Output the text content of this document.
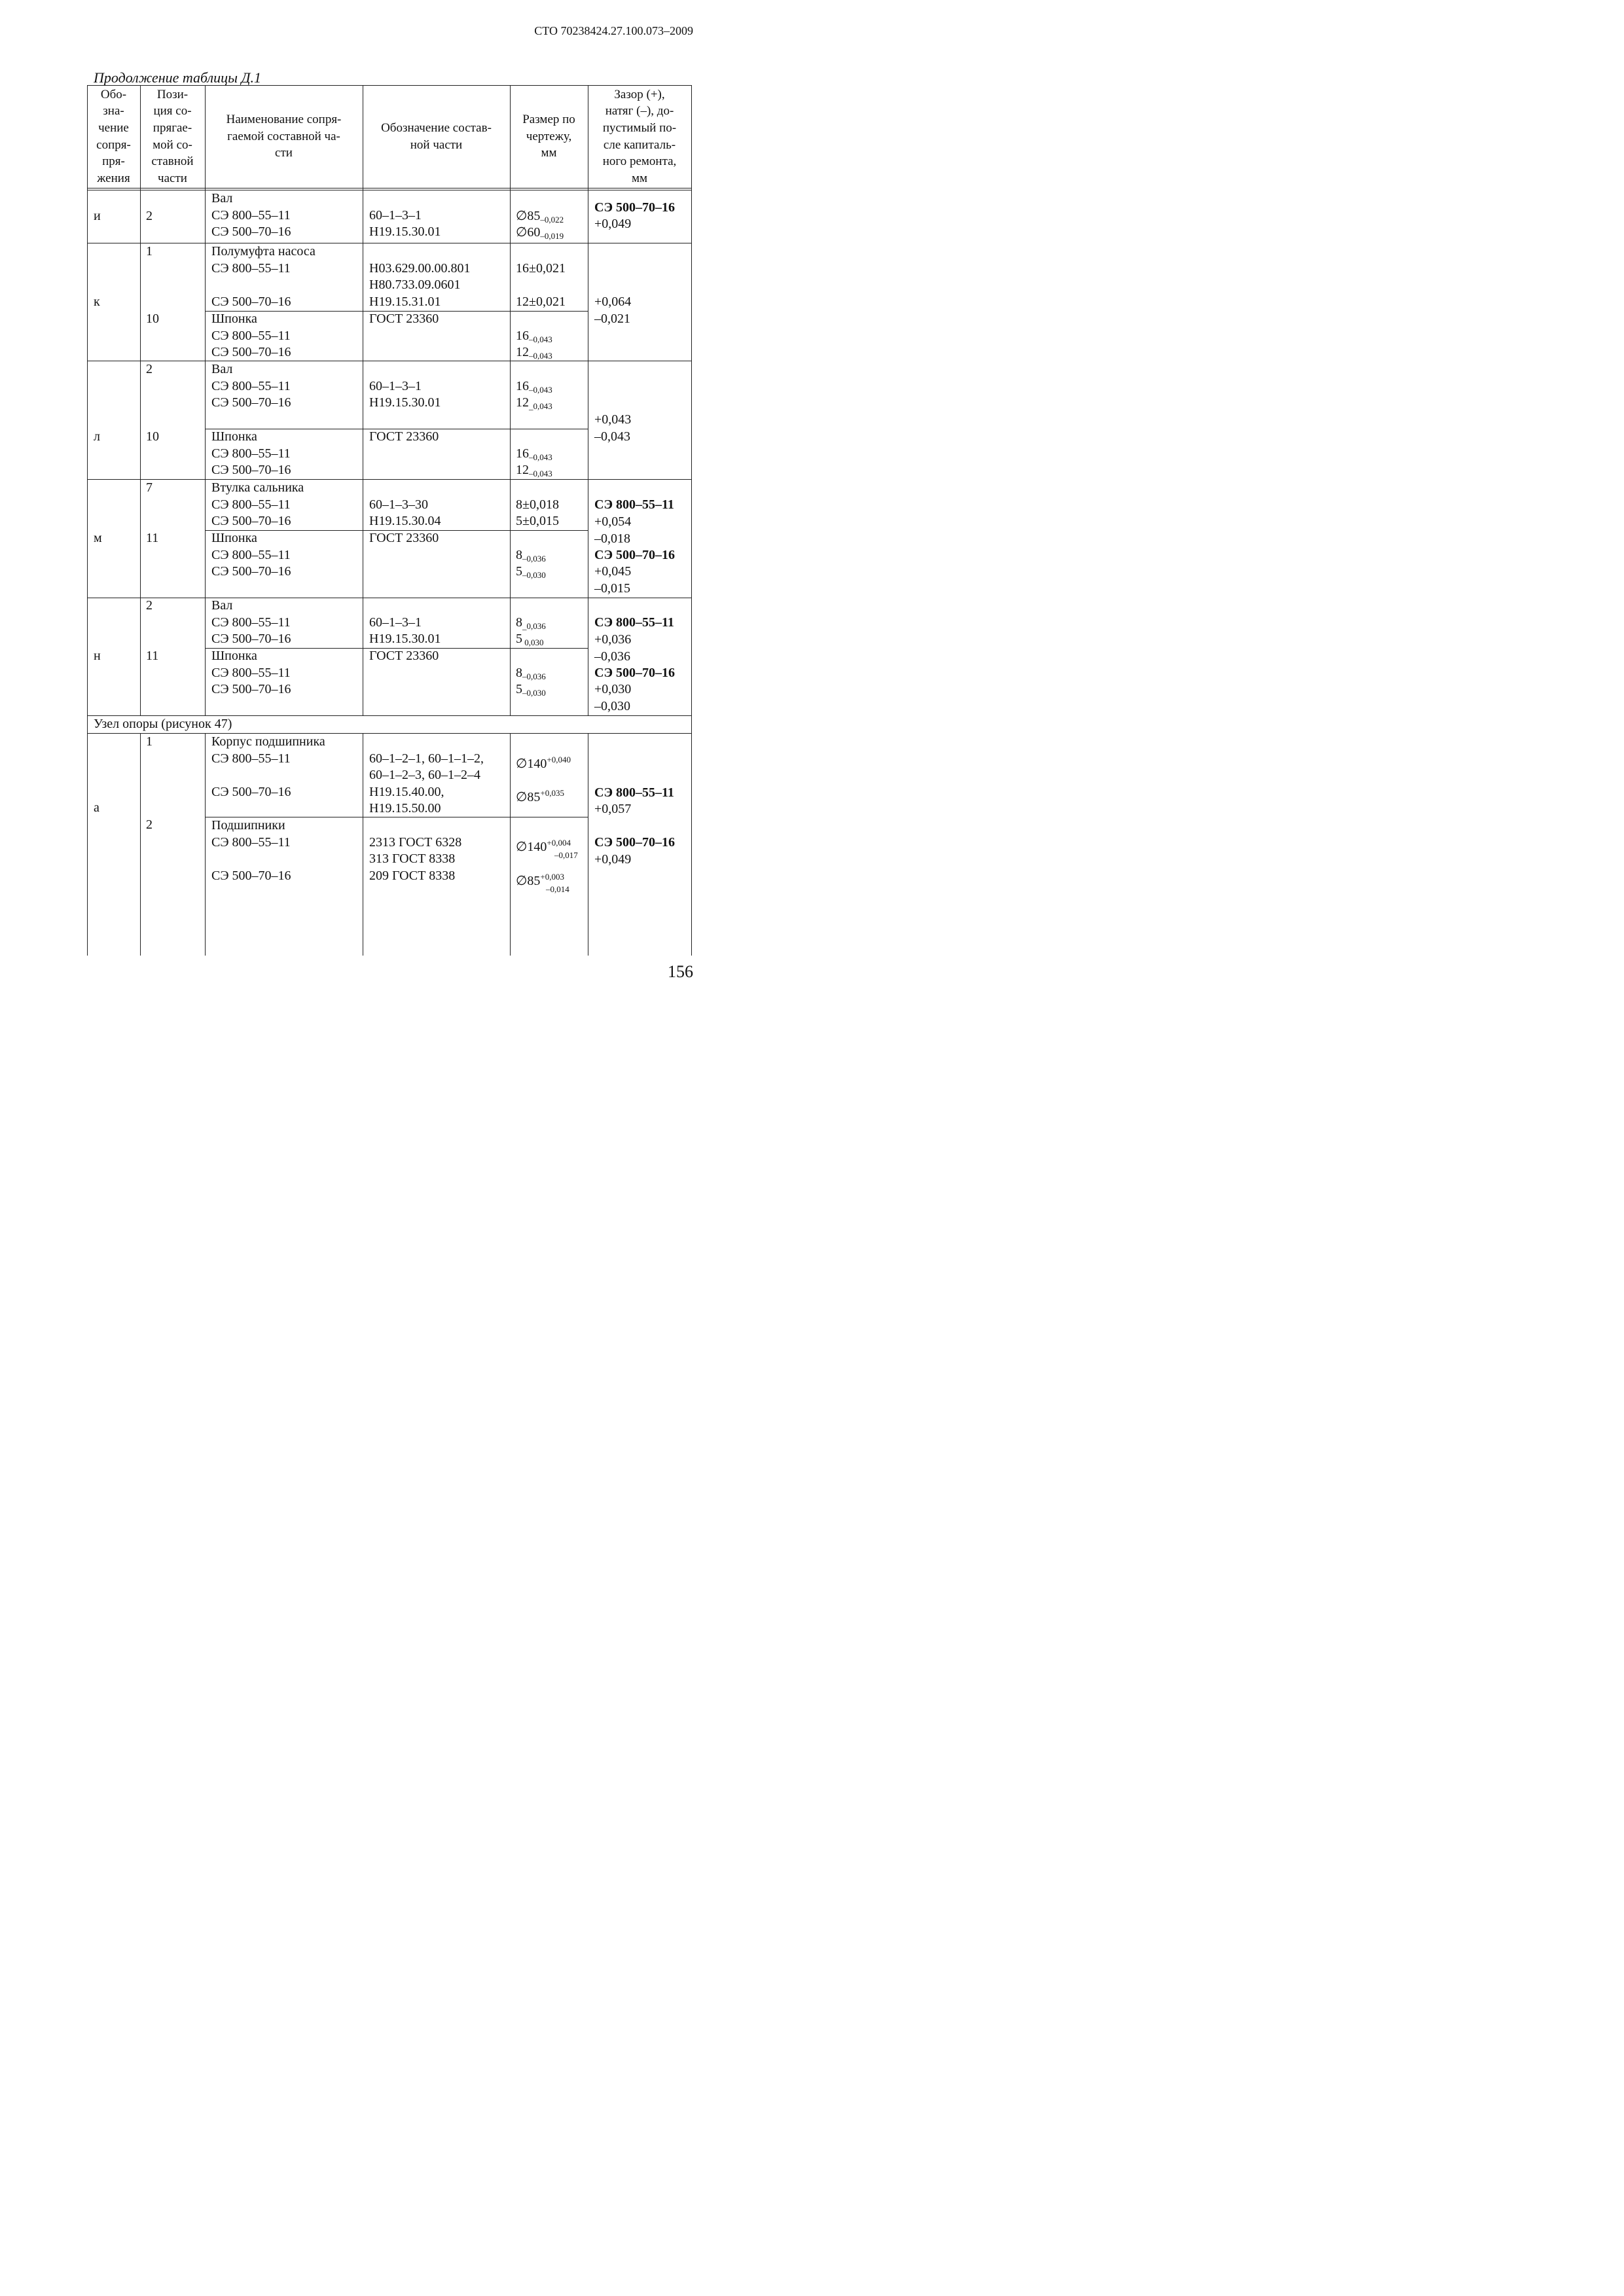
СТО 70238424.27.100.073–2009
Продолжение таблицы Д.1
Обо-
зна-
чение
сопря-
пря-
жения
Пози-
ция со-
прягае-
мой со-
ставной
части
Наименование сопря-
гаемой составной ча-
сти
Обозначение состав-
ной части
Размер по
чертежу,
мм
Зазор (+),
натяг (–), до-
пустимый по-
сле капиталь-
ного ремонта,
мм
и	2
Вал
СЭ 800–55–11
СЭ 500–70–16

60–1–3–1
Н19.15.30.01
$\emptyset 85_{-0,022}$
$\emptyset 60_{-0,019}$
СЭ 500–70–16
+0,049
к
1
10
Полумуфта насоса
СЭ 800–55–11

СЭ 500–70–16

Н03.629.00.00.801
Н80.733.09.0601
Н19.15.31.01

16±0,021

12±0,021
Шпонка
СЭ 800–55–11
СЭ 500–70–16
ГОСТ 23360
$16_{-0,043}$
$12_{-0,043}$
+0,064
–0,021
л
2
10
Вал
СЭ 800–55–11
СЭ 500–70–16

60–1–3–1
Н19.15.30.01
$16_{-0,043}$
$12_{\_0,043}$
Шпонка
СЭ 800–55–11
СЭ 500–70–16
ГОСТ 23360
$16_{-0,043}$
$12_{-0,043}$
+0,043
–0,043
м
7
11
Втулка сальника
СЭ 800–55–11
СЭ 500–70–16

60–1–3–30
Н19.15.30.04

8±0,018
5±0,015
Шпонка
СЭ 800–55–11
СЭ 500–70–16
ГОСТ 23360
$8_{-0,036}$
$5_{-0,030}$
СЭ 800–55–11
+0,054
–0,018
СЭ 500–70–16
+0,045
–0,015
н
2
11
Вал
СЭ 800–55–11
СЭ 500–70–16

60–1–3–1
Н19.15.30.01
$8_{\_0,036}$
5 $_{0,030}$
Шпонка
СЭ 800–55–11
СЭ 500–70–16
ГОСТ 23360
$8_{-0,036}$
$5_{-0,030}$
СЭ 800–55–11
+0,036
–0,036
СЭ 500–70–16
+0,030
–0,030
Узел опоры (рисунок 47)
а
1
2
Корпус подшипника
СЭ 800–55–11

СЭ 500–70–16

60–1–2–1, 60–1–1–2,
60–1–2–3, 60–1–2–4
Н19.15.40.00,
Н19.15.50.00
$\emptyset 140^{+0,040}$
$\emptyset 85^{+0,035}$
Подшипники
СЭ 800–55–11

СЭ 500–70–16

2313 ГОСТ 6328
313 ГОСТ 8338
209 ГОСТ 8338
$\emptyset 140^{+0,004}$
–0,017
$\emptyset 85^{+0,003}$
–0,014
СЭ 800–55–11
+0,057
СЭ 500–70–16
+0,049
156
